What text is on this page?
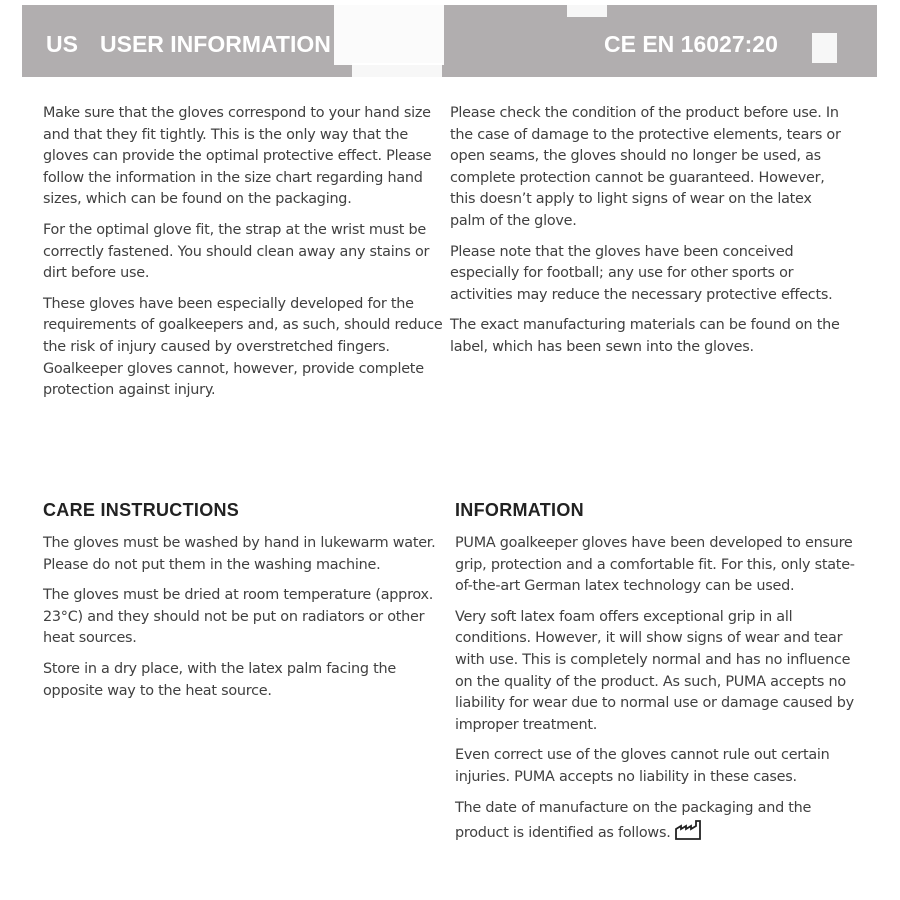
US USER INFORMATION	CE EN 16027:20

Make sure that the gloves correspond to your hand size and that they fit tightly. This is the only way that the gloves can provide the optimal protective effect. Please follow the information in the size chart regarding hand sizes, which can be found on the packaging.

For the optimal glove fit, the strap at the wrist must be correctly fastened. You should clean away any stains or dirt before use.

These gloves have been especially developed for the requirements of goalkeepers and, as such, should reduce the risk of injury caused by overstretched fingers. Goalkeeper gloves cannot, however, provide complete protection against injury.

Please check the condition of the product before use. In the case of damage to the protective elements, tears or open seams, the gloves should no longer be used, as complete protection cannot be guaranteed. However, this doesn’t apply to light signs of wear on the latex palm of the glove.

Please note that the gloves have been conceived especially for football; any use for other sports or activities may reduce the necessary protective effects.

The exact manufacturing materials can be found on the label, which has been sewn into the gloves.

CARE INSTRUCTIONS

The gloves must be washed by hand in lukewarm water. Please do not put them in the washing machine.

The gloves must be dried at room temperature (approx. 23°C) and they should not be put on radiators or other heat sources.

Store in a dry place, with the latex palm facing the opposite way to the heat source.

INFORMATION

PUMA goalkeeper gloves have been developed to ensure grip, protection and a comfortable fit. For this, only state-of-the-art German latex technology can be used.

Very soft latex foam offers exceptional grip in all conditions. However, it will show signs of wear and tear with use. This is completely normal and has no influence on the quality of the product. As such, PUMA accepts no liability for wear due to normal use or damage caused by improper treatment.

Even correct use of the gloves cannot rule out certain injuries. PUMA accepts no liability in these cases.

The date of manufacture on the packaging and the product is identified as follows.
